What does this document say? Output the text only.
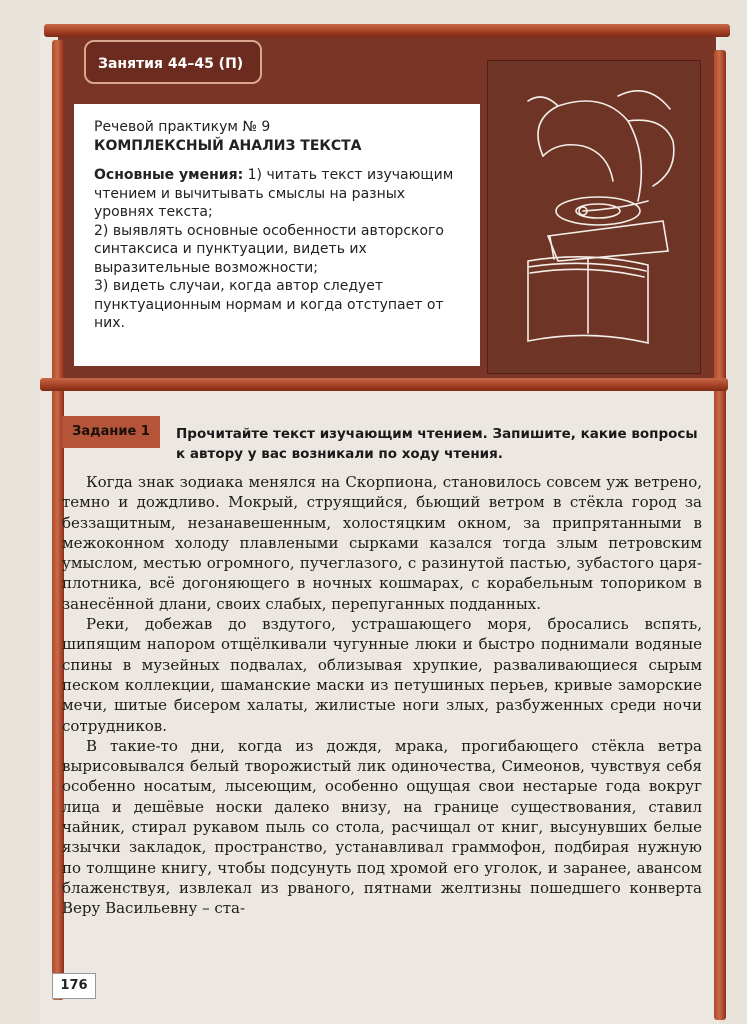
Занятия 44–45 (П)
Речевой практикум № 9
КОМПЛЕКСНЫЙ АНАЛИЗ ТЕКСТА
Основные умения: 1) читать текст изучающим чтением и вычитывать смыслы на разных уровнях текста;
2) выявлять основные особенности авторского синтаксиса и пунктуации, видеть их выразительные возможности;
3) видеть случаи, когда автор следует пунктуационным нормам и когда отступает от них.
Задание 1	Прочитайте текст изучающим чтением. Запишите, какие вопросы к автору у вас возникали по ходу чтения.

Когда знак зодиака менялся на Скорпиона, становилось совсем уж ветрено, темно и дождливо. Мокрый, струящийся, бьющий ветром в стёкла город за беззащитным, незанавешенным, холостяцким окном, за припрятанными в межоконном холоду плавлеными сырками казался тогда злым петровским умыслом, местью огромного, пучеглазого, с разинутой пастью, зубастого царя-плотника, всё догоняющего в ночных кошмарах, с корабельным топориком в занесённой длани, своих слабых, перепуганных подданных.

Реки, добежав до вздутого, устрашающего моря, бросались вспять, шипящим напором отщёлкивали чугунные люки и быстро поднимали водяные спины в музейных подвалах, облизывая хрупкие, разваливающиеся сырым песком коллекции, шаманские маски из петушиных перьев, кривые заморские мечи, шитые бисером халаты, жилистые ноги злых, разбуженных среди ночи сотрудников.

В такие-то дни, когда из дождя, мрака, прогибающего стёкла ветра вырисовывался белый творожистый лик одиночества, Симеонов, чувствуя себя особенно носатым, лысеющим, особенно ощущая свои нестарые года вокруг лица и дешёвые носки далеко внизу, на границе существования, ставил чайник, стирал рукавом пыль со стола, расчищал от книг, высунувших белые язычки закладок, пространство, устанавливал граммофон, подбирая нужную по толщине книгу, чтобы подсунуть под хромой его уголок, и заранее, авансом блаженствуя, извлекал из рваного, пятнами желтизны пошедшего конверта Веру Васильевну – ста-

176
